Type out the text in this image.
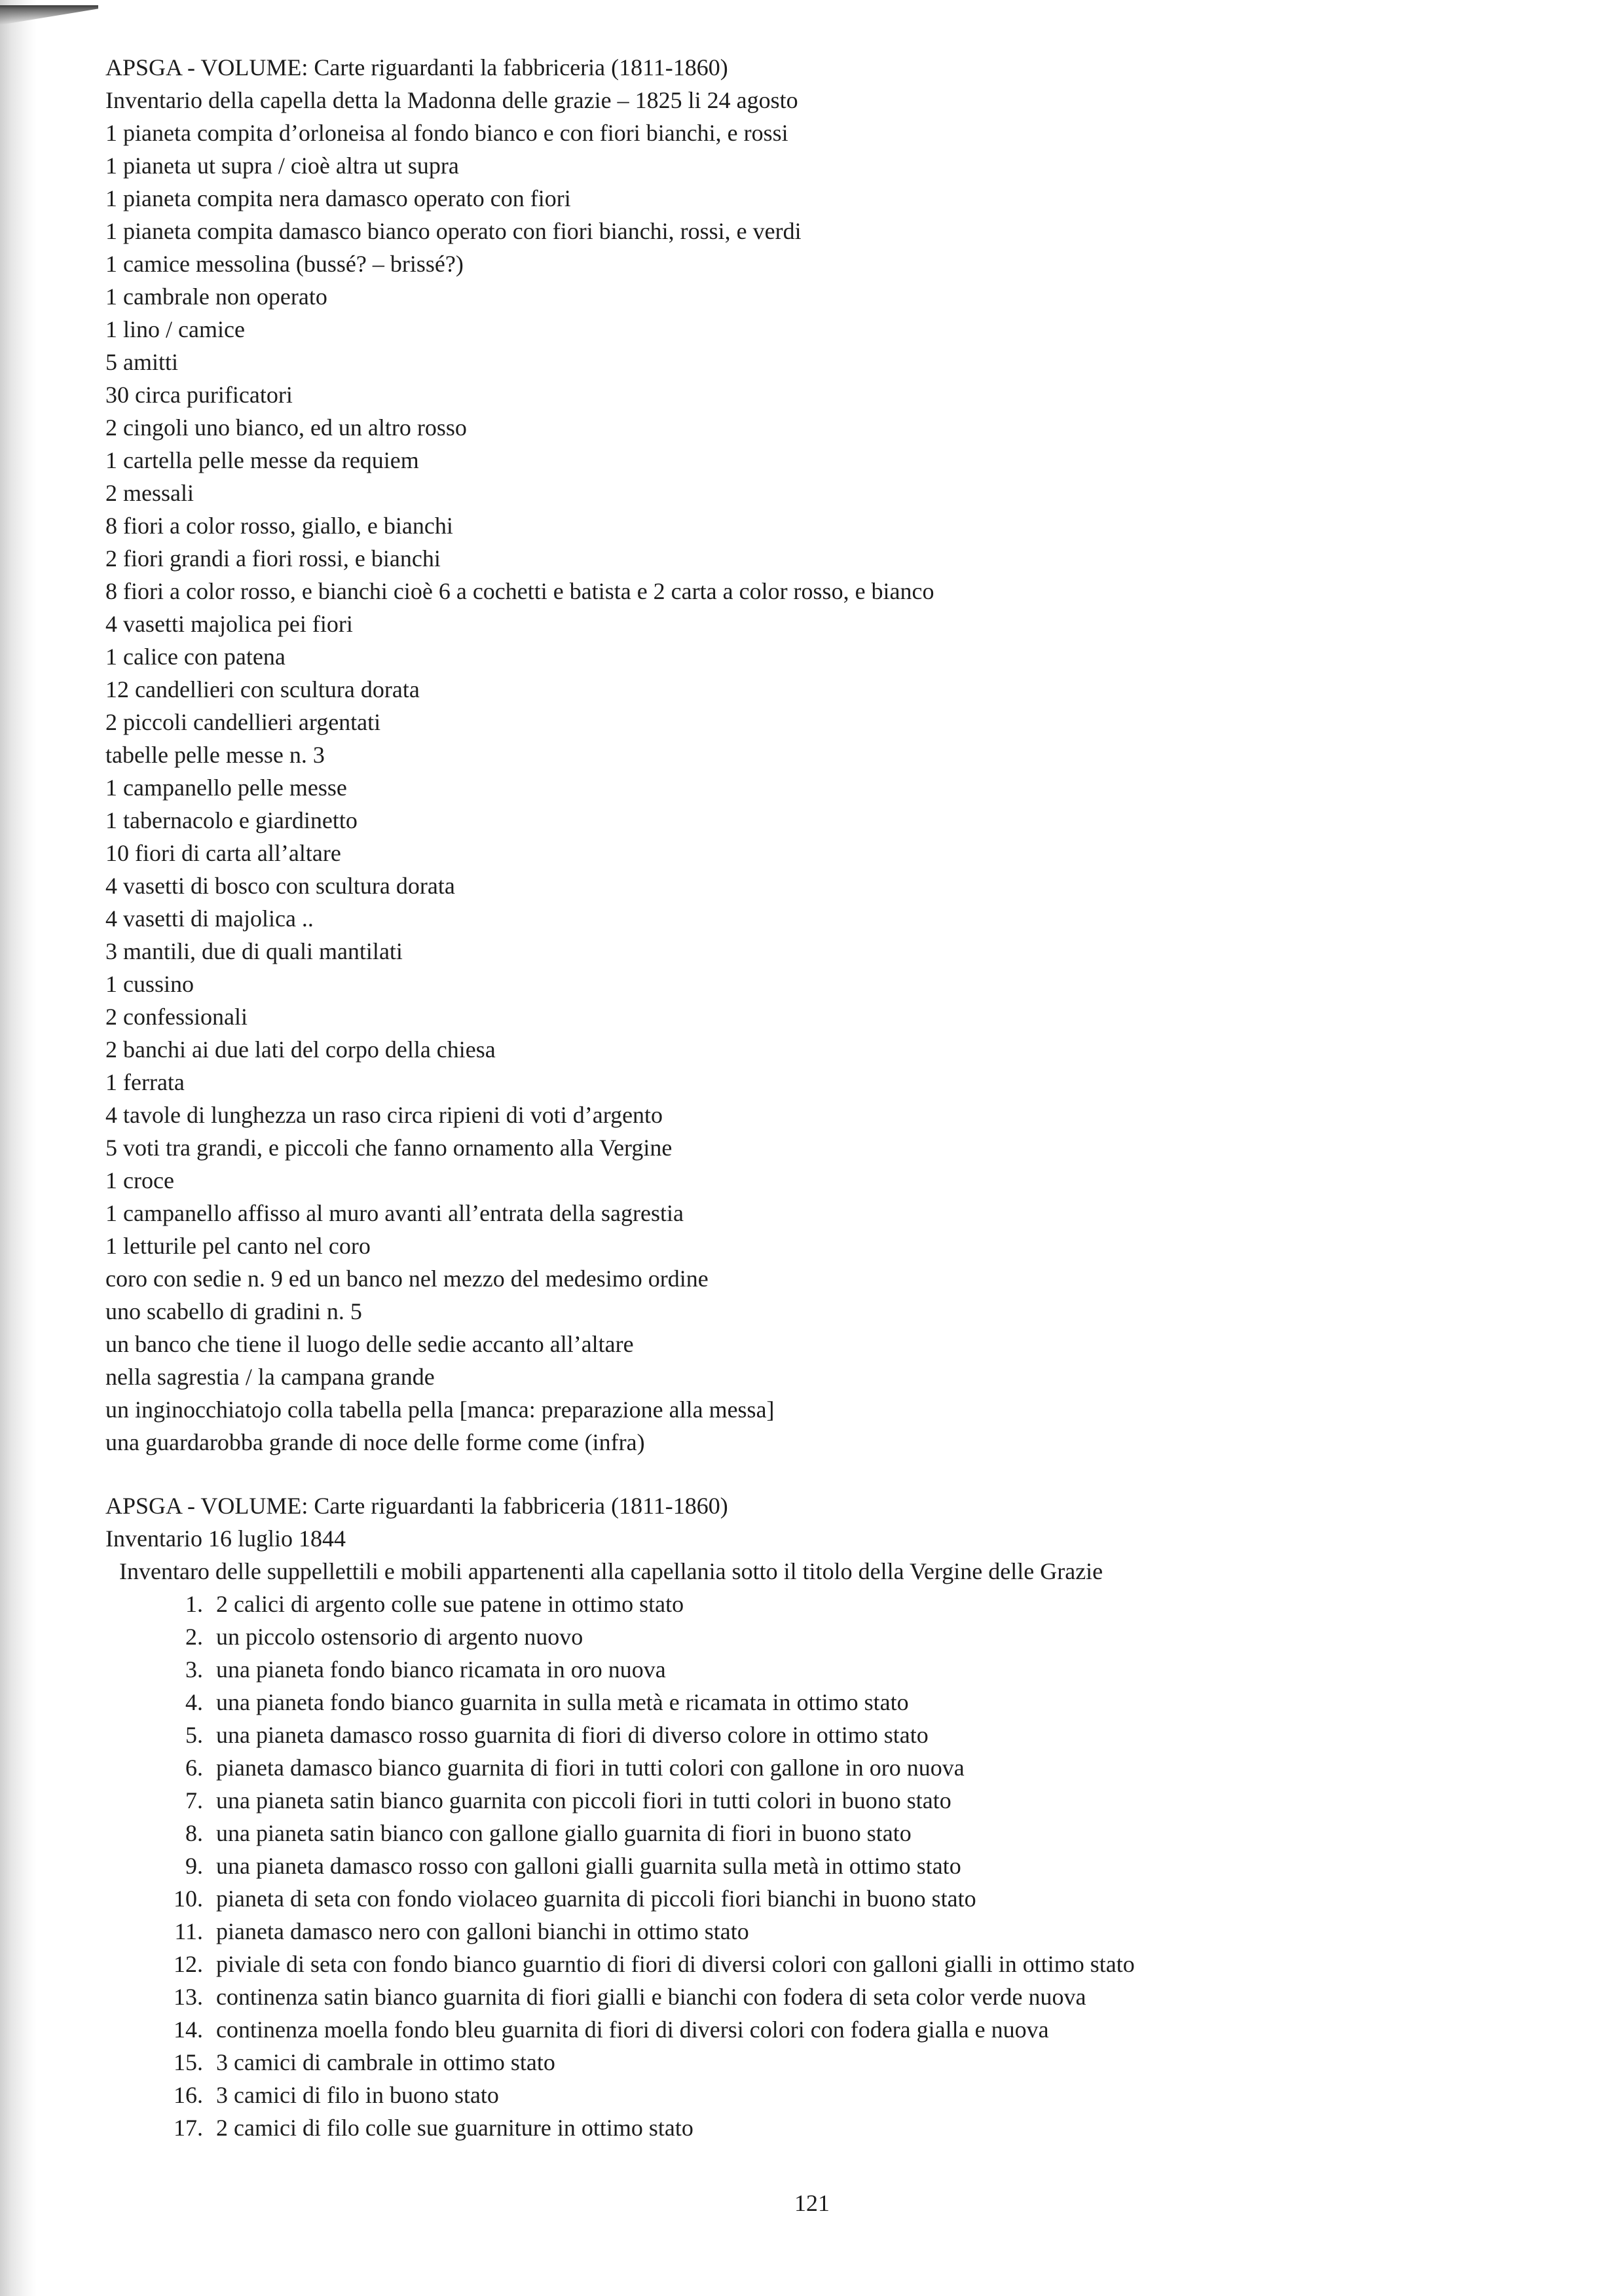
APSGA - VOLUME: Carte riguardanti la fabbriceria (1811-1860)
Inventario della capella detta la Madonna delle grazie – 1825 li 24 agosto
1 pianeta compita d’orloneisa al fondo bianco e con fiori bianchi, e rossi
1 pianeta ut supra / cioè altra ut supra
1 pianeta compita nera damasco operato con fiori
1 pianeta compita damasco bianco operato con fiori bianchi, rossi, e verdi
1 camice messolina (bussé? – brissé?)
1 cambrale non operato
1 lino / camice
5 amitti
30 circa purificatori
2 cingoli uno bianco, ed un altro rosso
1 cartella pelle messe da requiem
2 messali
8 fiori a color rosso, giallo, e bianchi
2 fiori grandi a fiori rossi, e bianchi
8 fiori a color rosso, e bianchi cioè 6 a cochetti e batista e 2 carta a color rosso, e bianco
4 vasetti majolica pei fiori
1 calice con patena
12 candellieri con scultura dorata
2 piccoli candellieri argentati
tabelle pelle messe n. 3
1 campanello pelle messe
1 tabernacolo e giardinetto
10 fiori di carta all’altare
4 vasetti di bosco con scultura dorata
4 vasetti di majolica ..
3 mantili, due di quali mantilati
1 cussino
2 confessionali
2 banchi ai due lati del corpo della chiesa
1 ferrata
4 tavole di lunghezza un raso circa ripieni di voti d’argento
5 voti tra grandi, e piccoli che fanno ornamento alla Vergine
1 croce
1 campanello affisso al muro avanti all’entrata della sagrestia
1 letturile pel canto nel coro
coro con sedie n. 9 ed un banco nel mezzo del medesimo ordine
uno scabello di gradini n. 5
un banco che tiene il luogo delle sedie accanto all’altare
nella sagrestia / la campana grande
un inginocchiatojo colla tabella pella [manca: preparazione alla messa]
una guardarobba grande di noce delle forme come (infra)
APSGA - VOLUME: Carte riguardanti la fabbriceria (1811-1860)
Inventario 16 luglio 1844
Inventaro delle suppellettili e mobili appartenenti alla capellania sotto il titolo della Vergine delle Grazie
1. 2 calici di argento colle sue patene in ottimo stato
2. un piccolo ostensorio di argento nuovo
3. una pianeta fondo bianco ricamata in oro nuova
4. una pianeta fondo bianco guarnita in sulla metà e ricamata in ottimo stato
5. una pianeta damasco rosso guarnita di fiori di diverso colore in ottimo stato
6. pianeta damasco bianco guarnita di fiori in tutti colori con gallone in oro nuova
7. una pianeta satin bianco guarnita con piccoli fiori in tutti colori in buono stato
8. una pianeta satin bianco con gallone giallo guarnita di fiori in buono stato
9. una pianeta damasco rosso con galloni gialli guarnita sulla metà in ottimo stato
10. pianeta di seta con fondo violaceo guarnita di piccoli fiori bianchi in buono stato
11. pianeta damasco nero con galloni bianchi in ottimo stato
12. piviale di seta con fondo bianco guarntio di fiori di diversi colori con galloni gialli in ottimo stato
13. continenza satin bianco guarnita di fiori gialli e bianchi con fodera di seta color verde nuova
14. continenza moella fondo bleu guarnita di fiori di diversi colori con fodera gialla e nuova
15. 3 camici di cambrale in ottimo stato
16. 3 camici di filo in buono stato
17. 2 camici di filo colle sue guarniture in ottimo stato
121
